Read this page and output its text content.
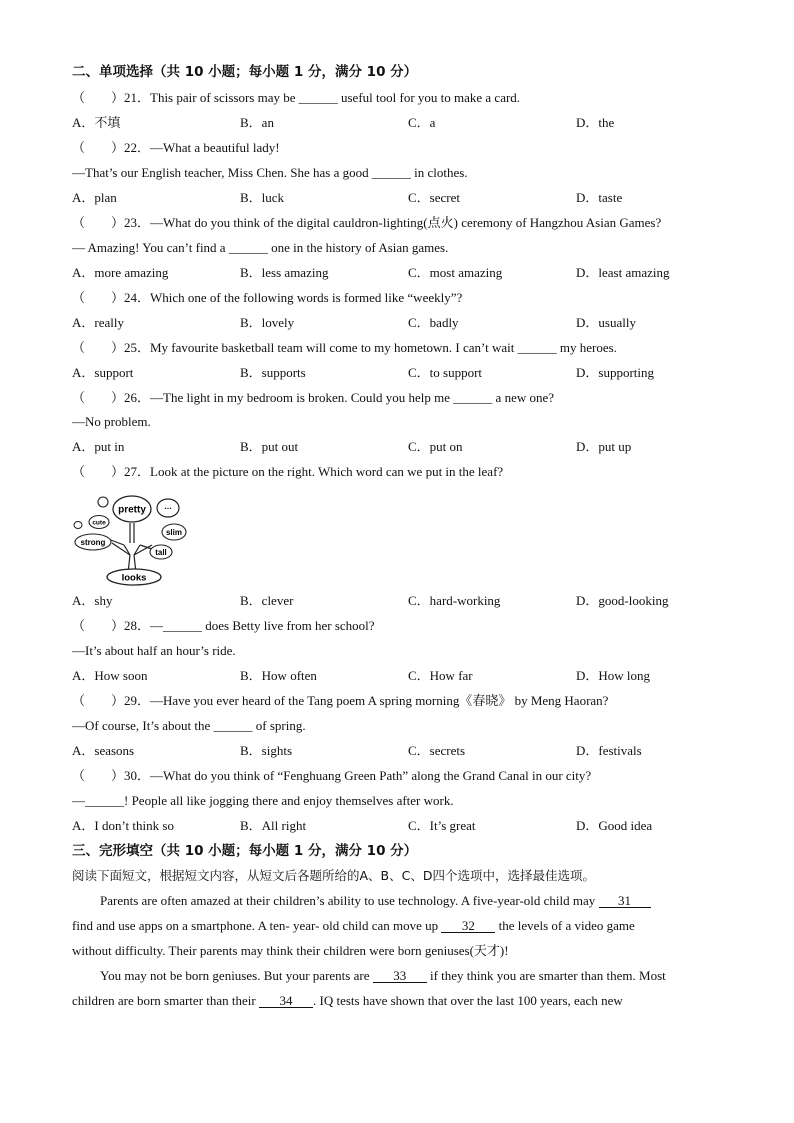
二、单项选择（共 10 小题；每小题 1 分，满分 10 分）
（　　）21．This pair of scissors may be ______ useful tool for you to make a card.
A．不填	B．an	C．a	D．the
（　　）22．—What a beautiful lady!
—That’s our English teacher, Miss Chen. She has a good ______ in clothes.
A．plan	B．luck	C．secret	D．taste
（　　）23．—What do you think of the digital cauldron-lighting(点火) ceremony of Hangzhou Asian Games?
— Amazing! You can’t find a ______ one in the history of Asian games.
A．more amazing	B．less amazing	C．most amazing	D．least amazing
（　　）24．Which one of the following words is formed like “weekly”?
A．really	B．lovely	C．badly	D．usually
（　　）25．My favourite basketball team will come to my hometown. I can’t wait ______ my heroes.
A．support	B．supports	C．to support	D．supporting
（　　）26．—The light in my bedroom is broken. Could you help me ______ a new one?
—No problem.
A．put in	B．put out	C．put on	D．put up
（　　）27．Look at the picture on the right. Which word can we put in the leaf?
pretty …
cute
slim
strong
tall
looks
A．shy	B．clever	C．hard-working	D．good-looking
（　　）28．—______ does Betty live from her school?
—It’s about half an hour’s ride.
A．How soon	B．How often	C．How far	D．How long
（　　）29．—Have you ever heard of the Tang poem A spring morning《春晓》 by Meng Haoran?
—Of course, It’s about the ______ of spring.
A．seasons	B．sights	C．secrets	D．festivals
（　　）30．—What do you think of “Fenghuang Green Path” along the Grand Canal in our city?
—______! People all like jogging there and enjoy themselves after work.
A．I don’t think so	B．All right	C．It’s great	D．Good idea
三、完形填空（共 10 小题；每小题 1 分，满分 10 分）
阅读下面短文，根据短文内容，从短文后各题所给的A、B、C、D四个选项中，选择最佳选项。
Parents are often amazed at their children’s ability to use technology. A five-year-old child may 31
find and use apps on a smartphone. A ten- year- old child can move up 32 the levels of a video game
without difficulty. Their parents may think their children were born geniuses(天才)!
You may not be born geniuses. But your parents are 33 if they think you are smarter than them. Most
children are born smarter than their 34 . IQ tests have shown that over the last 100 years, each new
